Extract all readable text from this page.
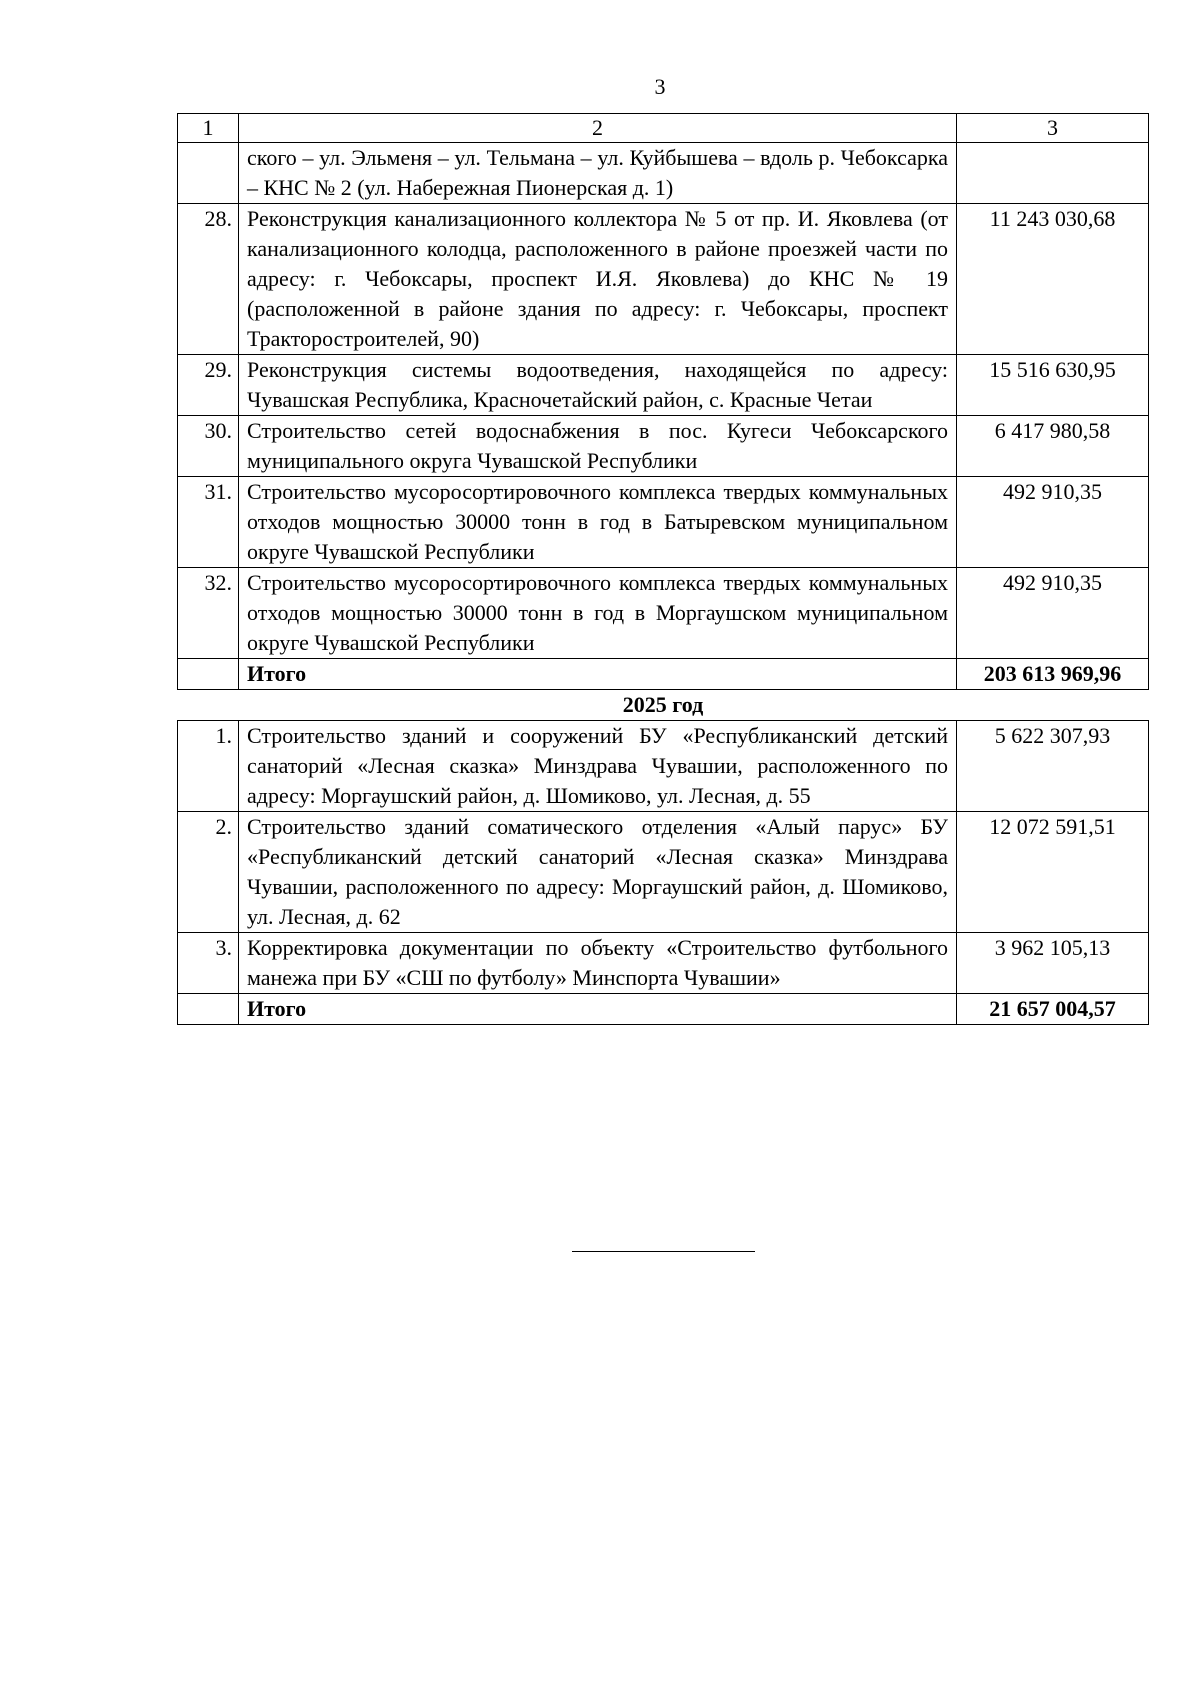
3
1	2	3
	ского – ул. Эльменя – ул. Тельмана – ул. Куйбышева – вдоль р. Чебоксарка – КНС № 2 (ул. Набережная Пионерская д. 1)	
28.	Реконструкция канализационного коллектора № 5 от пр. И. Яковлева (от канализационного колодца, расположенного в районе проезжей части по адресу: г. Чебоксары, проспект И.Я. Яковлева) до КНС № 19 (расположенной в районе здания по адресу: г. Чебоксары, проспект Тракторостроителей, 90)	11 243 030,68
29.	Реконструкция системы водоотведения, находящейся по адресу: Чувашская Республика, Красночетайский район, с. Красные Четаи	15 516 630,95
30.	Строительство сетей водоснабжения в пос. Кугеси Чебоксарского муниципального округа Чувашской Республики	6 417 980,58
31.	Строительство мусоросортировочного комплекса твердых коммунальных отходов мощностью 30000 тонн в год в Батыревском муниципальном округе Чувашской Республики	492 910,35
32.	Строительство мусоросортировочного комплекса твердых коммунальных отходов мощностью 30000 тонн в год в Моргаушском муниципальном округе Чувашской Республики	492 910,35
	Итого	203 613 969,96
2025 год		
1.	Строительство зданий и сооружений БУ «Республиканский детский санаторий «Лесная сказка» Минздрава Чувашии, расположенного по адресу: Моргаушский район, д. Шомиково, ул. Лесная, д. 55	5 622 307,93
2.	Строительство зданий соматического отделения «Алый парус» БУ «Республиканский детский санаторий «Лесная сказка» Минздрава Чувашии, расположенного по адресу: Моргаушский район, д. Шомиково, ул. Лесная, д. 62	12 072 591,51
3.	Корректировка документации по объекту «Строительство футбольного манежа при БУ «СШ по футболу» Минспорта Чувашии»	3 962 105,13
	Итого	21 657 004,57
